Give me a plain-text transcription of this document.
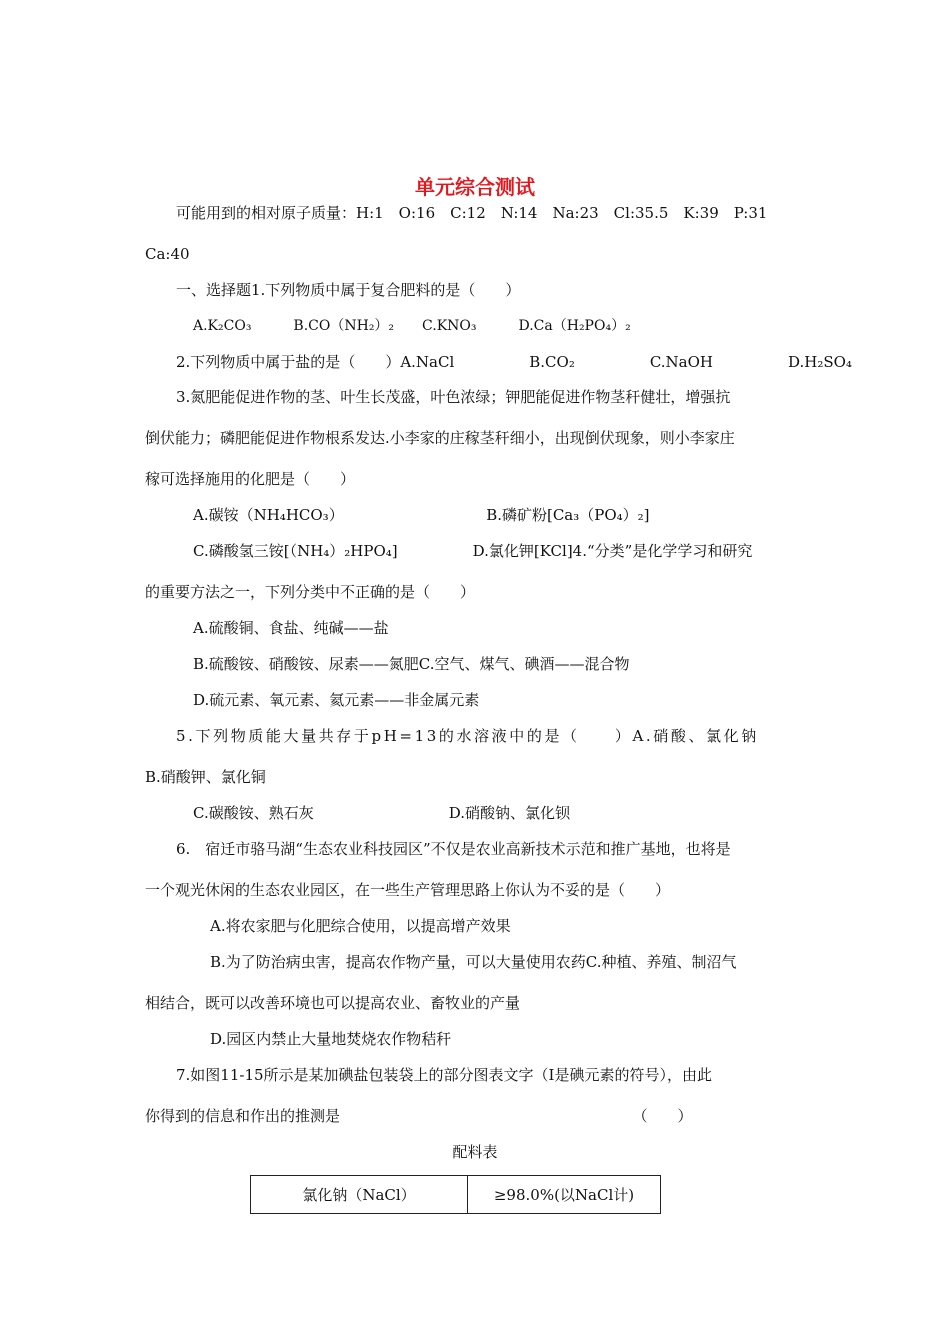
单元综合测试
可能用到的相对原子质量：H:1　O:16　C:12　N:14　Na:23　Cl:35.5　K:39　P:31
Ca:40
一、选择题1.下列物质中属于复合肥料的是（　　）
A.K₂CO₃　　　B.CO（NH₂）₂　　C.KNO₃　　　D.Ca（H₂PO₄）₂
2.下列物质中属于盐的是（　　）A.NaCl　　　　　B.CO₂　　　　　C.NaOH　　　　　D.H₂SO₄
3.氮肥能促进作物的茎、叶生长茂盛，叶色浓绿；钾肥能促进作物茎秆健壮，增强抗
倒伏能力；磷肥能促进作物根系发达.小李家的庄稼茎秆细小，出现倒伏现象，则小李家庄
稼可选择施用的化肥是（　　）
A.碳铵（NH₄HCO₃）　　　　　　　　　　B.磷矿粉[Ca₃（PO₄）₂]
C.磷酸氢三铵[（NH₄）₂HPO₄]　　　　　D.氯化钾[KCl]4.“分类”是化学学习和研究
的重要方法之一，下列分类中不正确的是（　　）
A.硫酸铜、食盐、纯碱——盐
B.硫酸铵、硝酸铵、尿素——氮肥C.空气、煤气、碘酒——混合物
D.硫元素、氧元素、氦元素——非金属元素
5.下列物质能大量共存于pH=13的水溶液中的是（　　）A.硝酸、氯化钠
B.硝酸钾、氯化铜
C.碳酸铵、熟石灰　　　　　　　　　D.硝酸钠、氯化钡
6.　宿迁市骆马湖“生态农业科技园区”不仅是农业高新技术示范和推广基地，也将是
一个观光休闲的生态农业园区，在一些生产管理思路上你认为不妥的是（　　）
A.将农家肥与化肥综合使用，以提高增产效果
B.为了防治病虫害，提高农作物产量，可以大量使用农药C.种植、养殖、制沼气
相结合，既可以改善环境也可以提高农业、畜牧业的产量
D.园区内禁止大量地焚烧农作物秸秆
7.如图11-15所示是某加碘盐包装袋上的部分图表文字（I是碘元素的符号），由此
你得到的信息和作出的推测是　　　　　　　　　　　　　　　　　　　　（　　）
配料表
氯化钠（NaCl）	≥98.0%(以NaCl计)
